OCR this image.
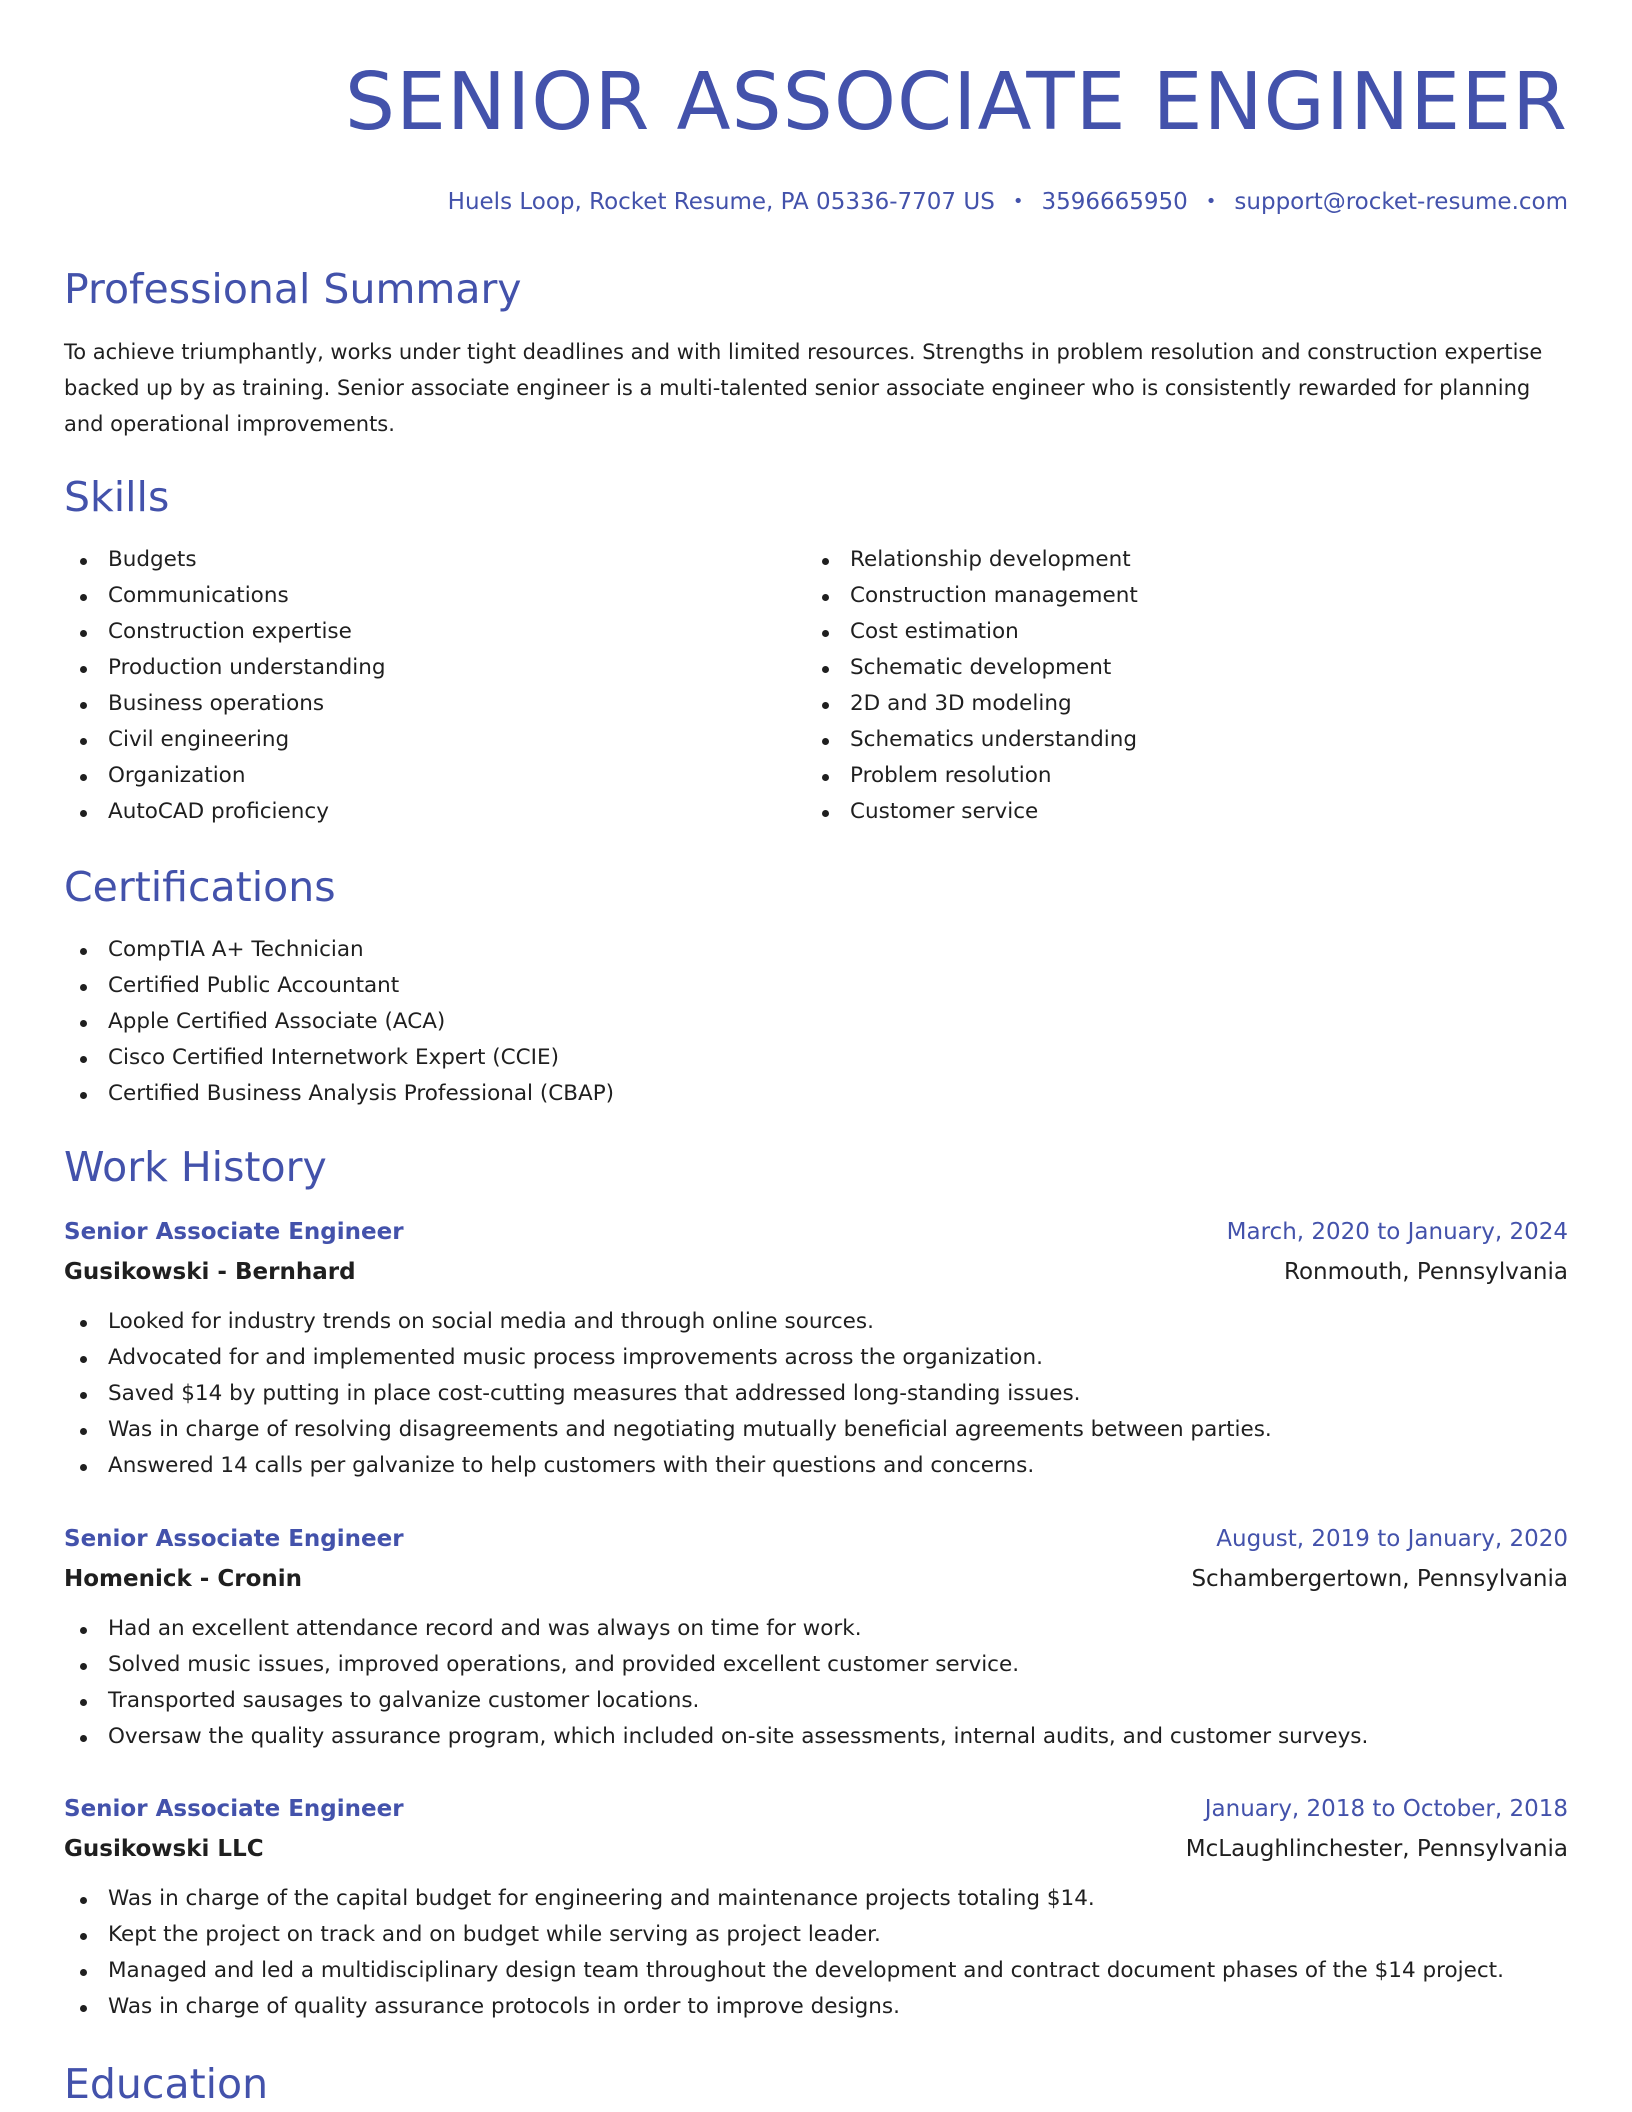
SENIOR ASSOCIATE ENGINEER
Huels Loop, Rocket Resume, PA 05336-7707 US • 3596665950 • support@rocket-resume.com
Professional Summary

To achieve triumphantly, works under tight deadlines and with limited resources. Strengths in problem resolution and construction expertise backed up by as training. Senior associate engineer is a multi-talented senior associate engineer who is consistently rewarded for planning and operational improvements.

Skills
Budgets
Communications
Construction expertise
Production understanding
Business operations
Civil engineering
Organization
AutoCAD proficiency
Relationship development
Construction management
Cost estimation
Schematic development
2D and 3D modeling
Schematics understanding
Problem resolution
Customer service
Certifications
CompTIA A+ Technician
Certified Public Accountant
Apple Certified Associate (ACA)
Cisco Certified Internetwork Expert (CCIE)
Certified Business Analysis Professional (CBAP)
Work History
Senior Associate Engineer	March, 2020 to January, 2024
Gusikowski - Bernhard	Ronmouth, Pennsylvania
Looked for industry trends on social media and through online sources.
Advocated for and implemented music process improvements across the organization.
Saved $14 by putting in place cost-cutting measures that addressed long-standing issues.
Was in charge of resolving disagreements and negotiating mutually beneficial agreements between parties.
Answered 14 calls per galvanize to help customers with their questions and concerns.
Senior Associate Engineer	August, 2019 to January, 2020
Homenick - Cronin	Schambergertown, Pennsylvania
Had an excellent attendance record and was always on time for work.
Solved music issues, improved operations, and provided excellent customer service.
Transported sausages to galvanize customer locations.
Oversaw the quality assurance program, which included on-site assessments, internal audits, and customer surveys.
Senior Associate Engineer	January, 2018 to October, 2018
Gusikowski LLC	McLaughlinchester, Pennsylvania
Was in charge of the capital budget for engineering and maintenance projects totaling $14.
Kept the project on track and on budget while serving as project leader.
Managed and led a multidisciplinary design team throughout the development and contract document phases of the $14 project.
Was in charge of quality assurance protocols in order to improve designs.
Education
